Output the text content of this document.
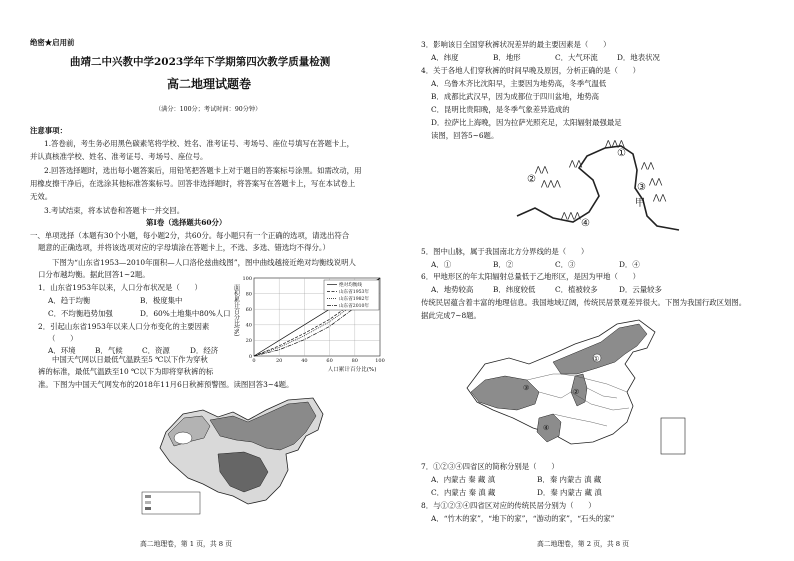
绝密★启用前
曲靖二中兴教中学2023学年下学期第四次教学质量检测
高二地理试题卷
（满分：100分；考试时间：90分钟）
注意事项：
1.答卷前，考生务必用黑色碳素笔将学校、姓名、准考证号、考场号、座位号填写在答题卡上，
并认真核准学校、姓名、准考证号、考场号、座位号。
2.回答选择题时，选出每小题答案后，用铅笔把答题卡上对于题目的答案标号涂黑。如需改动，用
用橡皮擦干净后，在选涂其他标准答案标号。回答非选择题时，将答案写在答题卡上，写在本试卷上
无效。
3.考试结束，将本试卷和答题卡一并交回。
第Ⅰ卷（选择题共60分）
一、单项选择（本题有30个小题，每小题2分，共60分。每小题只有一个正确的选项，请选出符合
题意的正确选项，并将该选项对应的字母填涂在答题卡上，不选、多选、错选均不得分。）
下图为“山东省1953—2010年面积—人口洛伦兹曲线图”，图中曲线越接近绝对均衡线说明人
口分布越均衡。据此回答1~2题。
1．山东省1953年以来，人口分布状况是（　　）
A．趋于均衡	B．极度集中
C．不均衡趋势加强	D．60%土地集中80%人口
2．引起山东省1953年以来人口分布变化的主要因素
（　　）
A．环境	B．气候	C．资源	D．经济
面积累计百分比(%)
0	20	40	60	80	100
0
20
40
60
80
100
绝对均衡线
山东省1953年
山东省1982年
山东省2010年
人口累计百分比(%)
中国天气网以日最低气温跌至5 ℃以下作为穿秋
裤的标准，最低气温跌至10 ℃以下为即将穿秋裤的标
准。下图为中国天气网发布的2018年11月6日秋裤预警图。读图回答3~4题。
高二地理卷，第 1 页，共 8 页
3．影响该日全国穿秋裤状况差异的最主要因素是（　　）
A．纬度	B．地形	C．大气环流	D．地表状况
4．关于各地人们穿秋裤的时间早晚及原因，分析正确的是（　　）
A．乌鲁木齐比沈阳早，主要因为地势高，冬季气温低
B．成都比武汉早，因为成都位于四川盆地，地势高
C．昆明比贵阳晚，是冬季气象差异造成的
D．拉萨比上海晚，因为拉萨光照充足，太阳辐射最强最足
读图，回答5~6题。
⋀⋀⋀
⋀⋀
⋀⋀
⋀⋀⋀
⋀⋀
⋀⋀
⋀⋀
⋀⋀⋀
①
②
③
④
甲
5．图中山脉，属于我国南北方分界线的是（　　）
A．①	B．②	C．③	D．④
6．甲地形区的年太阳辐射总量低于乙地形区，是因为甲地（　　）
A．地势较高	B．纬度较低	C．植被较多	D．云量较多
传统民居蕴含着丰富的地理信息。我国地域辽阔，传统民居景观差异很大。下图为我国行政区划图。
据此完成7~8题。
①
②
③
④
7．①②③④四省区的简称分别是（　　）
A．内蒙古 秦 藏 滇	B．秦 内蒙古 滇 藏
C．内蒙古 秦 滇 藏	D．秦 内蒙古 藏 滇
8．与①②③④四省区对应的传统民居分别为（　　）
A．“竹木的家”，“地下的家”，“游动的家”，“石头的家”
高二地理卷，第 2 页，共 8 页
